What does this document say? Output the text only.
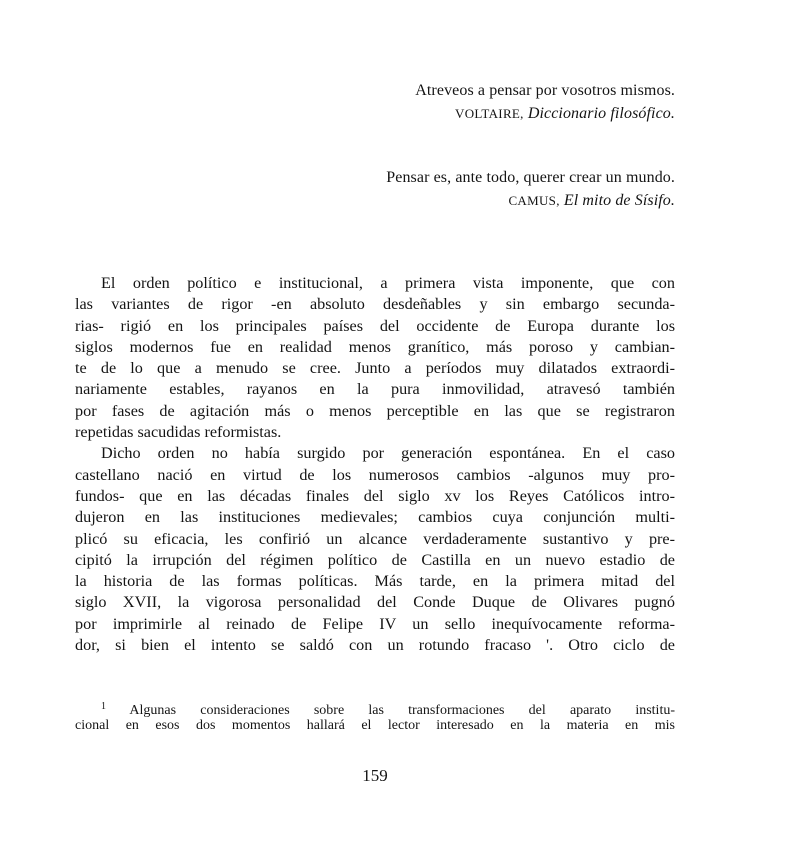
Atreveos a pensar por vosotros mismos.
VOLTAIRE, Diccionario filosófico.
Pensar es, ante todo, querer crear un mundo.
CAMUS, El mito de Sísifo.
El orden político e institucional, a primera vista imponente, que con
las variantes de rigor -en absoluto desdeñables y sin embargo secunda-
rias- rigió en los principales países del occidente de Europa durante los
siglos modernos fue en realidad menos granítico, más poroso y cambian-
te de lo que a menudo se cree. Junto a períodos muy dilatados extraordi-
nariamente estables, rayanos en la pura inmovilidad, atravesó también
por fases de agitación más o menos perceptible en las que se registraron
repetidas sacudidas reformistas.
Dicho orden no había surgido por generación espontánea. En el caso
castellano nació en virtud de los numerosos cambios -algunos muy pro-
fundos- que en las décadas finales del siglo xv los Reyes Católicos intro-
dujeron en las instituciones medievales; cambios cuya conjunción multi-
plicó su eficacia, les confirió un alcance verdaderamente sustantivo y pre-
cipitó la irrupción del régimen político de Castilla en un nuevo estadio de
la historia de las formas políticas. Más tarde, en la primera mitad del
siglo XVII, la vigorosa personalidad del Conde Duque de Olivares pugnó
por imprimirle al reinado de Felipe IV un sello inequívocamente reforma-
dor, si bien el intento se saldó con un rotundo fracaso '. Otro ciclo de
$^1$ Algunas consideraciones sobre las transformaciones del aparato institu-
cional en esos dos momentos hallará el lector interesado en la materia en mis
159
